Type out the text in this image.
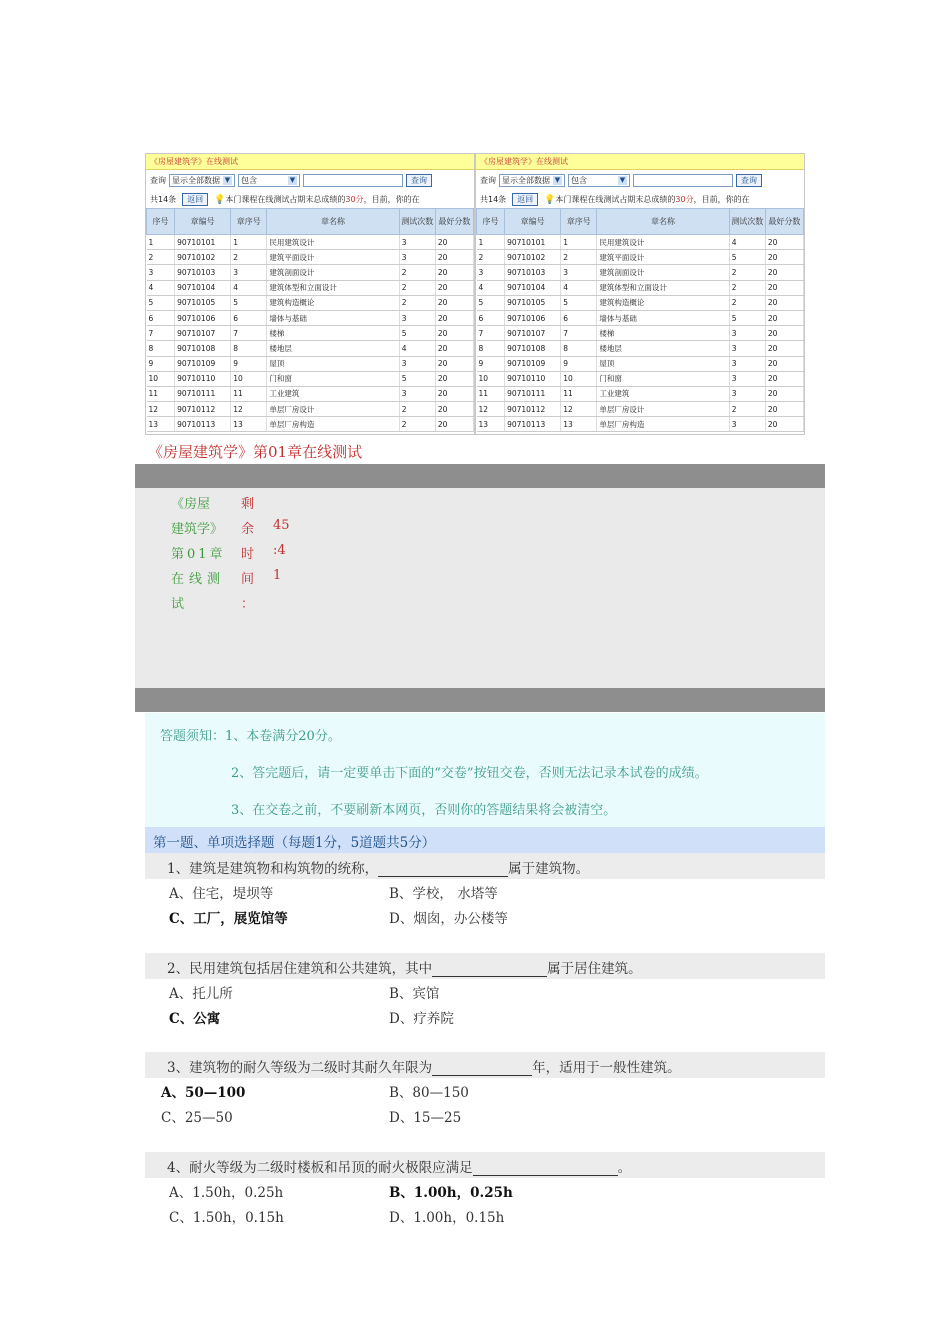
《房屋建筑学》在线测试
查询 显示全部数据 ▼ 包含	▼	查询
共14条	返回	💡本门课程在线测试占期末总成绩的30分，目前，你的在
序号	章编号	章序号	章名称	测试次数	最好分数
1	90710101	1	民用建筑设计	3	20
2	90710102	2	建筑平面设计	3	20
3	90710103	3	建筑剖面设计	2	20
4	90710104	4	建筑体型和立面设计	2	20
5	90710105	5	建筑构造概论	2	20
6	90710106	6	墙体与基础	3	20
7	90710107	7	楼梯	5	20
8	90710108	8	楼地层	4	20
9	90710109	9	屋顶	3	20
10	90710110	10	门和窗	5	20
11	90710111	11	工业建筑	3	20
12	90710112	12	单层厂房设计	2	20
13	90710113	13	单层厂房构造	2	20
《房屋建筑学》在线测试
查询 显示全部数据 ▼ 包含	▼	查询
共14条	返回	💡本门课程在线测试占期末总成绩的30分，目前，你的在
序号	章编号	章序号	章名称	测试次数	最好分数
1	90710101	1	民用建筑设计	4	20
2	90710102	2	建筑平面设计	5	20
3	90710103	3	建筑剖面设计	2	20
4	90710104	4	建筑体型和立面设计	2	20
5	90710105	5	建筑构造概论	2	20
6	90710106	6	墙体与基础	5	20
7	90710107	7	楼梯	3	20
8	90710108	8	楼地层	3	20
9	90710109	9	屋顶	3	20
10	90710110	10	门和窗	3	20
11	90710111	11	工业建筑	3	20
12	90710112	12	单层厂房设计	2	20
13	90710113	13	单层厂房构造	3	20
《房屋建筑学》第01章在线测试
《房屋
建筑学》
第01章
在线测
试
剩
余
时
间
：
45
:4
1
答题须知：1、本卷满分20分。
2、答完题后，请一定要单击下面的“交卷”按钮交卷，否则无法记录本试卷的成绩。
3、在交卷之前，不要刷新本网页，否则你的答题结果将会被清空。
第一题、单项选择题（每题1分，5道题共5分）
1、建筑是建筑物和构筑物的统称，	属于建筑物。
A、住宅，堤坝等	B、学校， 水塔等
C、工厂，展览馆等	D、烟囱，办公楼等
2、民用建筑包括居住建筑和公共建筑，其中	属于居住建筑。
A、托儿所	B、宾馆
C、公寓	D、疗养院
3、建筑物的耐久等级为二级时其耐久年限为	年，适用于一般性建筑。
A、50—100	B、80—150
C、25—50	D、15—25
4、耐火等级为二级时楼板和吊顶的耐火极限应满足	。
A、1.50h，0.25h	B、1.00h，0.25h
C、1.50h，0.15h	D、1.00h，0.15h
